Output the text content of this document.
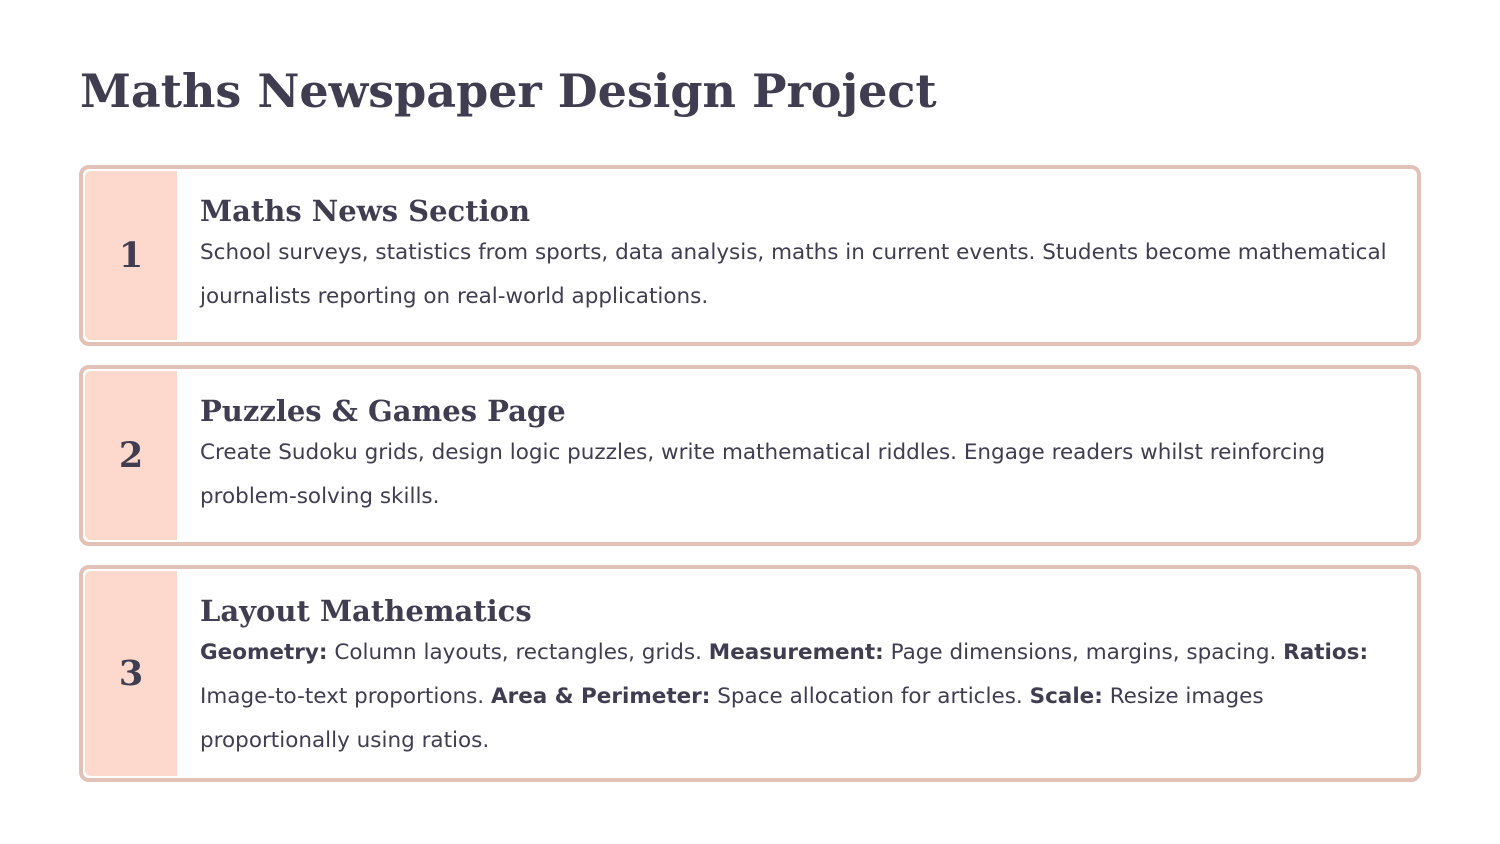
Maths Newspaper Design Project
1
Maths News Section

School surveys, statistics from sports, data analysis, maths in current events. Students become mathematical journalists reporting on real-world applications.

2
Puzzles & Games Page

Create Sudoku grids, design logic puzzles, write mathematical riddles. Engage readers whilst reinforcing problem-solving skills.

3
Layout Mathematics

Geometry: Column layouts, rectangles, grids. Measurement: Page dimensions, margins, spacing. Ratios: Image-to-text proportions. Area & Perimeter: Space allocation for articles. Scale: Resize images proportionally using ratios.
